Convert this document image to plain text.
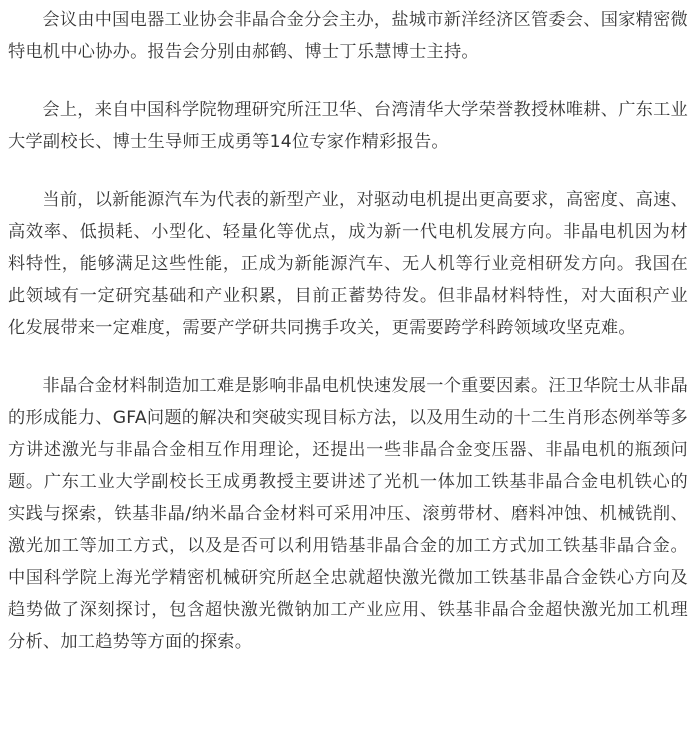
会议由中国电器工业协会非晶合金分会主办，盐城市新洋经济区管委会、国家精密微特电机中心协办。报告会分别由郝鹤、博士丁乐慧博士主持。

会上，来自中国科学院物理研究所汪卫华、台湾清华大学荣誉教授林唯耕、广东工业大学副校长、博士生导师王成勇等14位专家作精彩报告。

当前，以新能源汽车为代表的新型产业，对驱动电机提出更高要求，高密度、高速、高效率、低损耗、小型化、轻量化等优点，成为新一代电机发展方向。非晶电机因为材料特性，能够满足这些性能，正成为新能源汽车、无人机等行业竞相研发方向。我国在此领域有一定研究基础和产业积累，目前正蓄势待发。但非晶材料特性，对大面积产业化发展带来一定难度，需要产学研共同携手攻关，更需要跨学科跨领域攻坚克难。

非晶合金材料制造加工难是影响非晶电机快速发展一个重要因素。汪卫华院士从非晶的形成能力、GFA问题的解决和突破实现目标方法，以及用生动的十二生肖形态例举等多方讲述激光与非晶合金相互作用理论，还提出一些非晶合金变压器、非晶电机的瓶颈问题。广东工业大学副校长王成勇教授主要讲述了光机一体加工铁基非晶合金电机铁心的实践与探索，铁基非晶/纳米晶合金材料可采用冲压、滚剪带材、磨料冲蚀、机械铣削、激光加工等加工方式，以及是否可以利用锆基非晶合金的加工方式加工铁基非晶合金。中国科学院上海光学精密机械研究所赵全忠就超快激光微加工铁基非晶合金铁心方向及趋势做了深刻探讨，包含超快激光微钠加工产业应用、铁基非晶合金超快激光加工机理分析、加工趋势等方面的探索。
